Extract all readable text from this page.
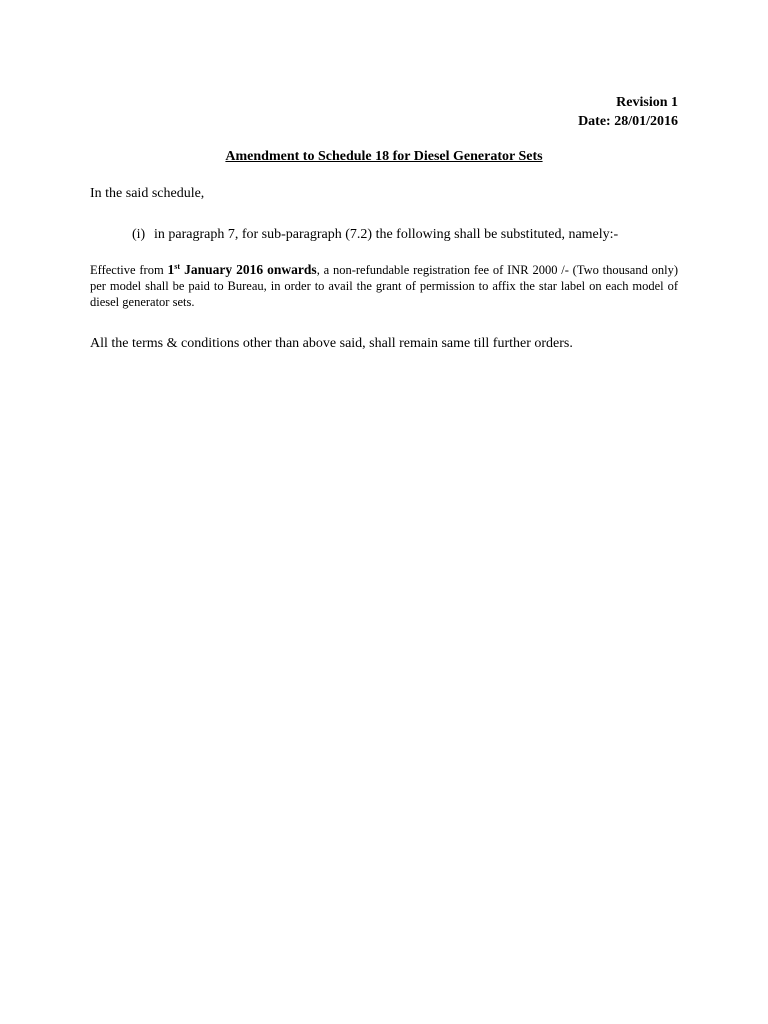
Revision 1
Date: 28/01/2016
Amendment to Schedule 18 for Diesel Generator Sets
In the said schedule,
(i) in paragraph 7, for sub-paragraph (7.2) the following shall be substituted, namely:-
Effective from 1st January 2016 onwards, a non-refundable registration fee of INR 2000 /- (Two thousand only) per model shall be paid to Bureau, in order to avail the grant of permission to affix the star label on each model of diesel generator sets.
All the terms & conditions other than above said, shall remain same till further orders.
